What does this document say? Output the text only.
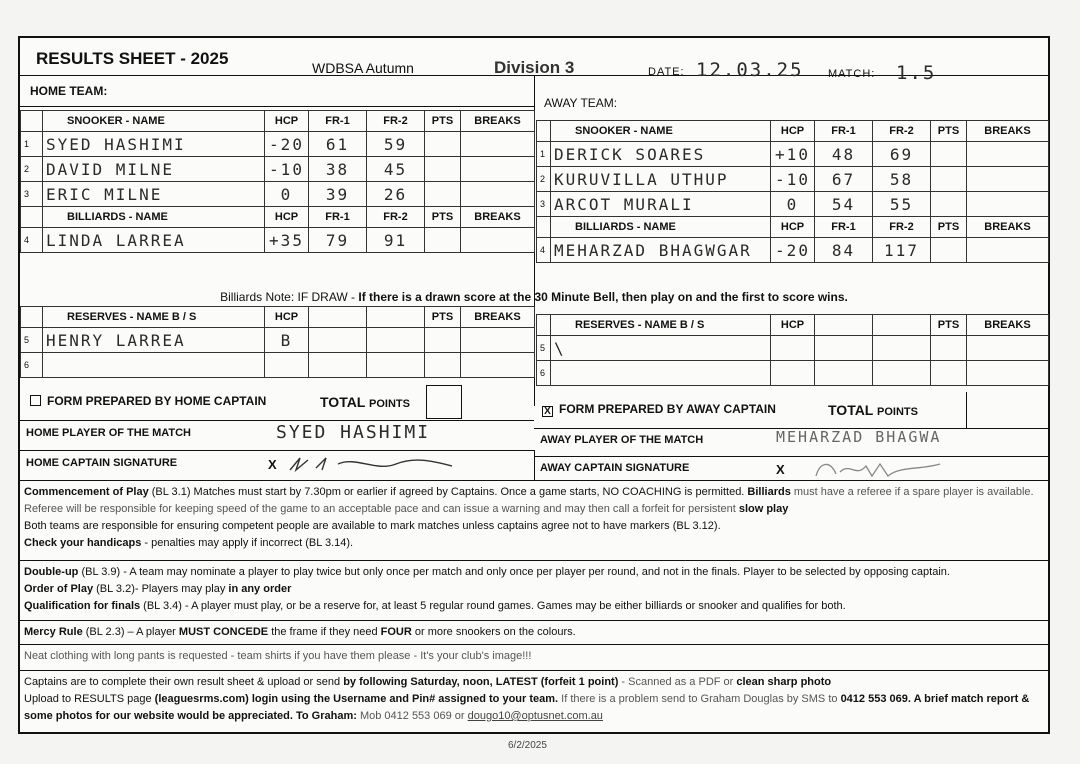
RESULTS SHEET - 2025	WDBSA Autumn	Division 3	DATE: 12.03.25 MATCH: 1.5
HOME TEAM:
AWAY TEAM:
	SNOOKER - NAME	HCP	FR-1	FR-2	PTS	BREAKS
1	SYED HASHIMI	-20	61	59		
2	DAVID MILNE	-10	38	45		
3	ERIC MILNE	0	39	26		
	BILLIARDS - NAME	HCP	FR-1	FR-2	PTS	BREAKS
4	LINDA LARREA	+35	79	91		
	SNOOKER - NAME	HCP	FR-1	FR-2	PTS	BREAKS
1	DERICK SOARES	+10	48	69		
2	KURUVILLA UTHUP	-10	67	58		
3	ARCOT MURALI	0	54	55		
	BILLIARDS - NAME	HCP	FR-1	FR-2	PTS	BREAKS
4	MEHARZAD BHAGWGAR	-20	84	117		
Billiards Note: IF DRAW - If there is a drawn score at the 30 Minute Bell, then play on and the first to score wins.
	RESERVES - NAME B / S	HCP			PTS	BREAKS
5	HENRY LARREA	B				
6						
	RESERVES - NAME B / S	HCP			PTS	BREAKS
5	\					
6						
FORM PREPARED BY HOME CAPTAIN	TOTAL POINTS
X FORM PREPARED BY AWAY CAPTAIN	TOTAL POINTS
HOME PLAYER OF THE MATCH	SYED HASHIMI
HOME CAPTAIN SIGNATURE	X
AWAY PLAYER OF THE MATCH	MEHARZAD BHAGWA
AWAY CAPTAIN SIGNATURE	X
Commencement of Play (BL 3.1) Matches must start by 7.30pm or earlier if agreed by Captains. Once a game starts, NO COACHING is permitted. Billiards must have a referee if a spare player is available. Referee will be responsible for keeping speed of the game to an acceptable pace and can issue a warning and may then call a forfeit for persistent slow play
Both teams are responsible for ensuring competent people are available to mark matches unless captains agree not to have markers (BL 3.12).
Check your handicaps - penalties may apply if incorrect (BL 3.14).
Double-up (BL 3.9) - A team may nominate a player to play twice but only once per match and only once per player per round, and not in the finals. Player to be selected by opposing captain.
Order of Play (BL 3.2)- Players may play in any order
Qualification for finals (BL 3.4) - A player must play, or be a reserve for, at least 5 regular round games. Games may be either billiards or snooker and qualifies for both.
Mercy Rule (BL 2.3) – A player MUST CONCEDE the frame if they need FOUR or more snookers on the colours.
Neat clothing with long pants is requested - team shirts if you have them please - It's your club's image!!!
Captains are to complete their own result sheet & upload or send by following Saturday, noon, LATEST (forfeit 1 point) - Scanned as a PDF or clean sharp photo
Upload to RESULTS page (leaguesrms.com) login using the Username and Pin# assigned to your team. If there is a problem send to Graham Douglas by SMS to 0412 553 069. A brief match report & some photos for our website would be appreciated. To Graham: Mob 0412 553 069 or dougo10@optusnet.com.au
6/2/2025
